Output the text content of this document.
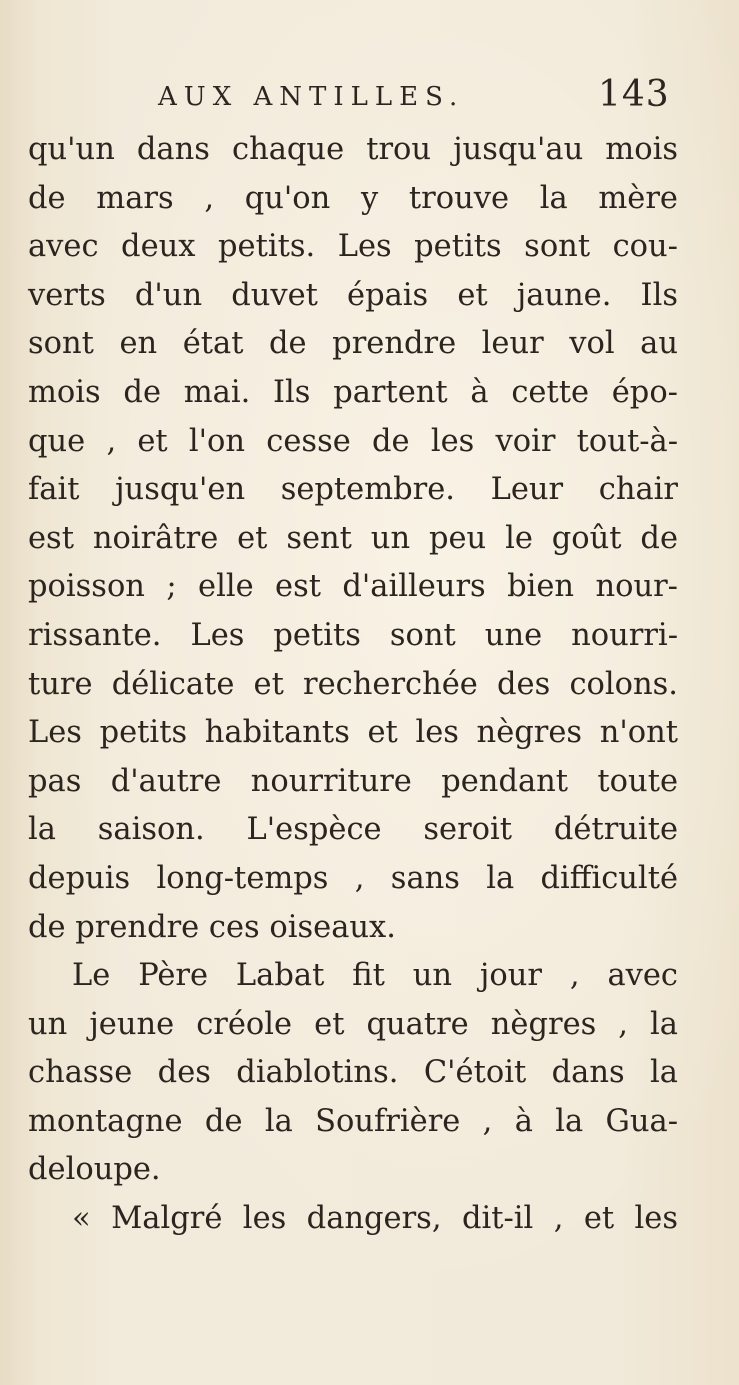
AUX ANTILLES.	143
qu'un dans chaque trou jusqu'au mois
de mars , qu'on y trouve la mère
avec deux petits. Les petits sont cou-
verts d'un duvet épais et jaune. Ils
sont en état de prendre leur vol au
mois de mai. Ils partent à cette épo-
que , et l'on cesse de les voir tout-à-
fait jusqu'en septembre. Leur chair
est noirâtre et sent un peu le goût de
poisson ; elle est d'ailleurs bien nour-
rissante. Les petits sont une nourri-
ture délicate et recherchée des colons.
Les petits habitants et les nègres n'ont
pas d'autre nourriture pendant toute
la saison. L'espèce seroit détruite
depuis long-temps , sans la difficulté
de prendre ces oiseaux.
Le Père Labat fit un jour , avec
un jeune créole et quatre nègres , la
chasse des diablotins. C'étoit dans la
montagne de la Soufrière , à la Gua-
deloupe.
« Malgré les dangers, dit-il , et les
